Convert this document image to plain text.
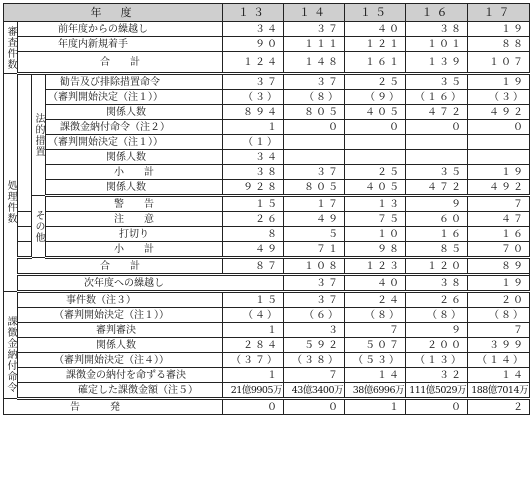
年　度				１３	１４	１５	１６	１７	
審査件数	前年度からの繰越し			３４	３７	４０	３８	１９	
	年度内新規着手			９０	１１１	１２１	１０１	８８	
	合　　計			１２４	１４８	１６１	１３９	１０７	
処理件数		法的措置	勧告及び排除措置命令	３７	３７	２５	３５	１９	
			（審判開始決定（注１））	（３）	（８）	（９）	（１６）	（３）	
			関係人数	８９４	８０５	４０５	４７２	４９２	
			課徴金納付命令（注２）	１	０	０	０	０	
			（審判開始決定（注１））	（１）					
			関係人数	３４					
			小　　計	３８	３７	２５	３５	１９	
			関係人数	９２８	８０５	４０５	４７２	４９２	
		その他	警　　告	１５	１７	１３	９	７	
			注　　意	２６	４９	７５	６０	４７	
			打切り	８	５	１０	１６	１６	
			小　　計	４９	７１	９８	８５	７０	
	合　　計			８７	１０８	１２３	１２０	８９	
	次年度への繰越し				３７	４０	３８	１９	
課徴金納付命令	事件数（注３）			１５	３７	２４	２６	２０	
	（審判開始決定（注１））			（４）	（６）	（８）	（８）	（８）	
	審判審決			１	３	７	９	７	
	関係人数			２８４	５９２	５０７	２００	３９９	
	（審判開始決定（注４））			（３７）	（３８）	（５３）	（１３）	（１４）	
	課徴金の納付を命ずる審決			１	７	１４	３２	１４	
	確定した課徴金額（注５）			21億9905万	43億3400万	38億6996万	111億5029万	188億7014万	
告　　　発				０	０	１	０	２	
